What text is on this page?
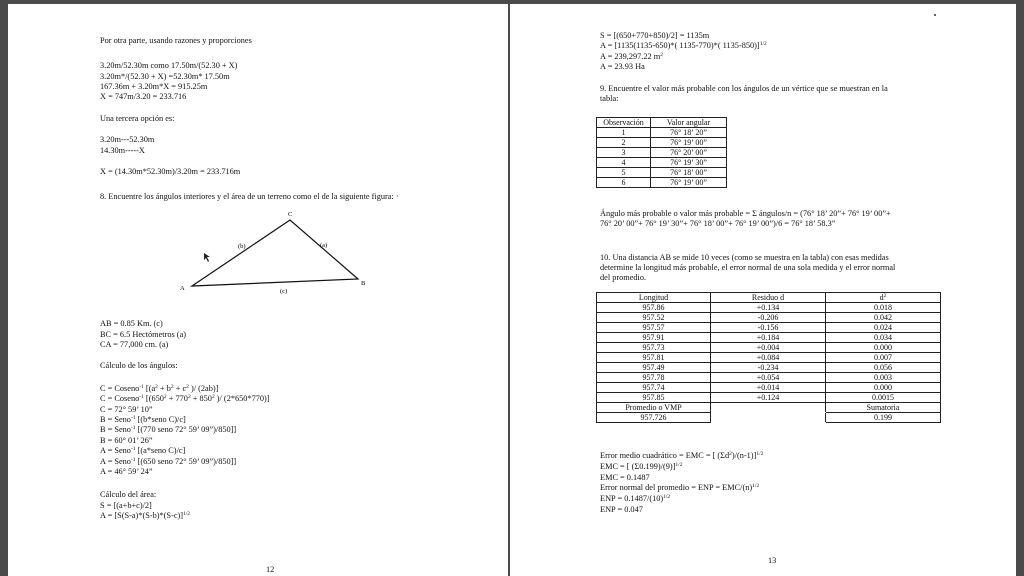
Por otra parte, usando razones y proporciones
3.20m/52.30m como 17.50m/(52.30 + X)
3.20m*/(52.30 + X) =52.30m* 17.50m
167.36m + 3.20m*X = 915.25m
X = 747m/3.20 = 233.716
Una tercera opción es:
3.20m---52.30m
14.30m-----X
X = (14.30m*52.30m)/3.20m = 233.716m
8. Encuentre los ángulos interiores y el área de un terreno como el de la siguiente figura: ·
C
A
B
(b)	(a)
(c)
AB = 0.85 Km. (c)
BC = 6.5 Hectómetros (a)
CA = 77,000 cm. (a)
Cálculo de los ángulos:
C = Coseno$^{-1}$ [($a^2 + b^2 + c^2$ )/ (2ab)]
C = Coseno$^{-1}$ [($650^2 + 770^2 + 850^2$ )/ (2*650*770)]
C = 72° 59’ 10”
B = Seno$^{-1}$ [(b*seno C)/c]
B = Seno$^{-1}$ [(770 seno 72° 59’ 09”)/850]]
B = 60° 01’ 26”
A = Seno$^{-1}$ [(a*seno C)/c]
A = Seno$^{-1}$ [(650 seno 72° 59’ 09”)/850]]
A = 46° 59’ 24”
Cálculo del área:
S = [(a+b+c)/2]
$A = [S(S-a)*(S-b)*(S-c)]^{1/2}$
12
S = [(650+770+850)/2] = 1135m
A = [1135(1135-650)*( 1135-770)*( 1135-850)]$^{1/2}$
A = 239,297.22 $m^2$
A = 23.93 Ha
9. Encuentre el valor más probable con los ángulos de un vértice que se muestran en la
tabla:
Observación	Valor angular
1	76° 18’ 20”
2	76° 19’ 00”
3	76° 20’ 00”
4	76° 19’ 30”
5	76° 18’ 00”
6	76° 19’ 00”
Ángulo más probable o valor más probable = Σ ángulos/n = (76° 18’ 20”+ 76° 19’ 00”+
76° 20’ 00”+ 76° 19’ 30”+ 76° 18’ 00”+ 76° 19’ 00”)/6 = 76° 18’ 58.3”
10. Una distancia AB se mide 10 veces (como se muestra en la tabla) con esas medidas
determine la longitud más probable, el error normal de una sola medida y el error normal
del promedio.
Longitud	Residuo d	$d^2$
957.86	+0.134	0.018
957.52	-0.206	0.042
957.57	-0.156	0.024
957.91	+0.184	0.034
957.73	+0.004	0.000
957.81	+0.084	0.007
957.49	-0.234	0.056
957.78	+0.054	0.003
957.74	+0.014	0.000
957.85	+0.124	0.0015
Promedio o VMP		Sumatoria
957.726		0.199
Error medio cuadrático = EMC = [ $(\Sigma d^2)/(n-1)]^{1/2}$
EMC = [ (Σ0.199)/(9)]$^{1/2}$
EMC = 0.1487
Error normal del promedio = ENP = EMC/$(n)^{1/2}$
ENP = $0.1487/(10)^{1/2}$
ENP = 0.047
13
